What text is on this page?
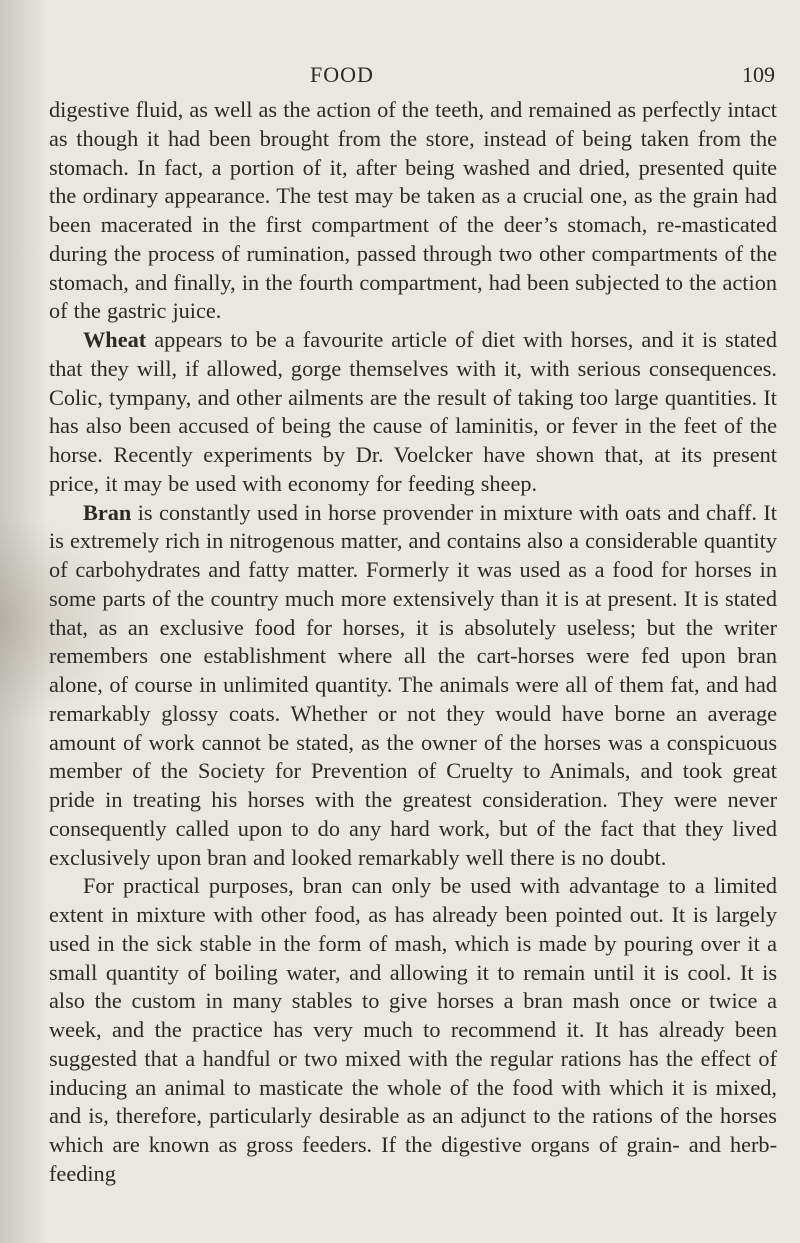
FOOD	109

digestive fluid, as well as the action of the teeth, and remained as perfectly intact as though it had been brought from the store, instead of being taken from the stomach. In fact, a portion of it, after being washed and dried, presented quite the ordinary appearance. The test may be taken as a crucial one, as the grain had been macerated in the first compartment of the deer’s stomach, re-masticated during the process of rumination, passed through two other compartments of the stomach, and finally, in the fourth compartment, had been subjected to the action of the gastric juice.

Wheat appears to be a favourite article of diet with horses, and it is stated that they will, if allowed, gorge themselves with it, with serious consequences. Colic, tympany, and other ailments are the result of taking too large quantities. It has also been accused of being the cause of laminitis, or fever in the feet of the horse. Recently experiments by Dr. Voelcker have shown that, at its present price, it may be used with economy for feeding sheep.

Bran is constantly used in horse provender in mixture with oats and chaff. It is extremely rich in nitrogenous matter, and contains also a considerable quantity of carbohydrates and fatty matter. Formerly it was used as a food for horses in some parts of the country much more extensively than it is at present. It is stated that, as an exclusive food for horses, it is absolutely useless; but the writer remembers one establishment where all the cart-horses were fed upon bran alone, of course in unlimited quantity. The animals were all of them fat, and had remarkably glossy coats. Whether or not they would have borne an average amount of work cannot be stated, as the owner of the horses was a conspicuous member of the Society for Prevention of Cruelty to Animals, and took great pride in treating his horses with the greatest consideration. They were never consequently called upon to do any hard work, but of the fact that they lived exclusively upon bran and looked remarkably well there is no doubt.

For practical purposes, bran can only be used with advantage to a limited extent in mixture with other food, as has already been pointed out. It is largely used in the sick stable in the form of mash, which is made by pouring over it a small quantity of boiling water, and allowing it to remain until it is cool. It is also the custom in many stables to give horses a bran mash once or twice a week, and the practice has very much to recommend it. It has already been suggested that a handful or two mixed with the regular rations has the effect of inducing an animal to masticate the whole of the food with which it is mixed, and is, therefore, particularly desirable as an adjunct to the rations of the horses which are known as gross feeders. If the digestive organs of grain- and herb-feeding
